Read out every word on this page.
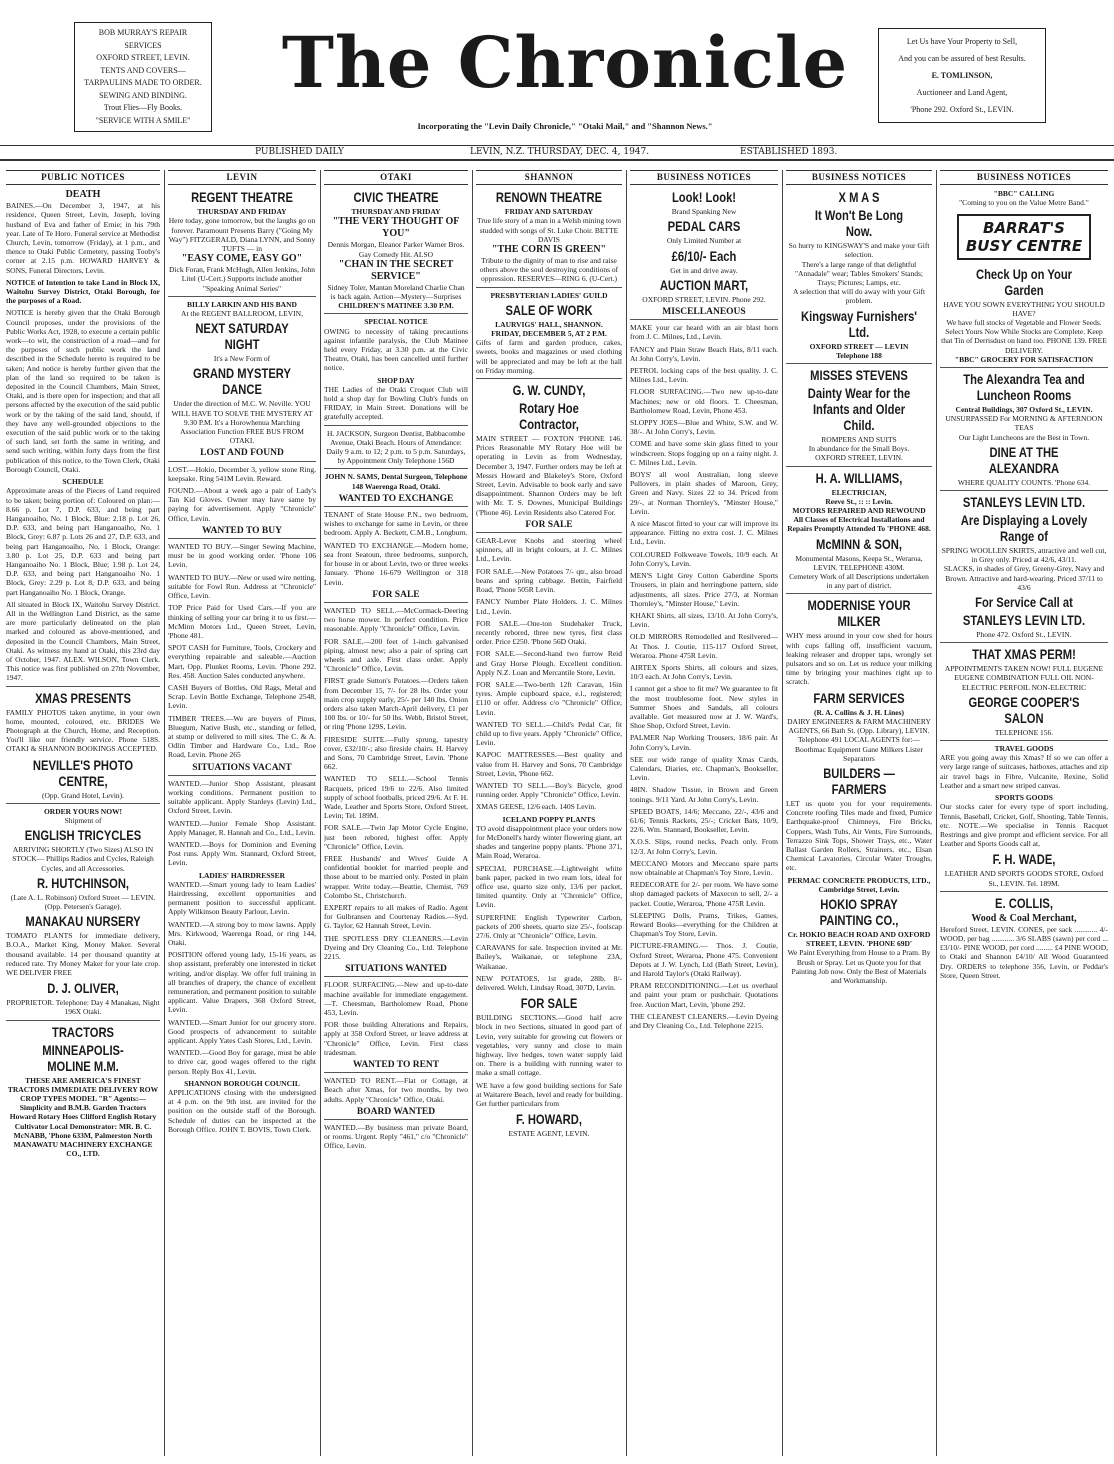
BOB MURRAY'S REPAIR
SERVICES
OXFORD STREET, LEVIN.
TENTS AND COVERS—
TARPAULINS MADE TO ORDER.
SEWING AND BINDING.
Trout Flies—Fly Books.
"SERVICE WITH A SMILE"
The Chronicle
Incorporating the "Levin Daily Chronicle," "Otaki Mail," and "Shannon News."
Let Us have Your Property to Sell,
And you can be assured of best Results.
E. TOMLINSON,
Auctioneer and Land Agent,
'Phone 292. Oxford St., LEVIN.
PUBLISHED DAILY	LEVIN, N.Z. THURSDAY, DEC. 4, 1947.	ESTABLISHED 1893.
PUBLIC NOTICES
DEATH
BAINES.—On December 3, 1947, at his residence, Queen Street, Levin, Joseph, loving husband of Eva and father of Ernie; in his 79th year. Late of Te Horo. Funeral service at Methodist Church, Levin, tomorrow (Friday), at 1 p.m., and thence to Otaki Public Cemetery, passing Tooby's corner at 2.15 p.m. HOWARD HARVEY & SONS, Funeral Directors, Levin.
NOTICE of Intention to take Land in Block IX, Waitohu Survey District, Otaki Borough, for the purposes of a Road.
NOTICE is hereby given that the Otaki Borough Council proposes, under the provisions of the Public Works Act, 1928, to execute a certain public work—to wit, the construction of a road—and for the purposes of such public work the land described in the Schedule hereto is required to be taken; And notice is hereby further given that the plan of the land so required to be taken is deposited in the Council Chambers, Main Street, Otaki, and is there open for inspection; and that all persons affected by the execution of the said public work or by the taking of the said land, should, if they have any well-grounded objections to the execution of the said public work or to the taking of such land, set forth the same in writing, and send such writing, within forty days from the first publication of this notice, to the Town Clerk, Otaki Borough Council, Otaki.
SCHEDULE
Approximate areas of the Pieces of Land required to be taken; being portion of: Coloured on plan:— 8.66 p. Lot 7, D.P. 633, and being part Hanganoaiho, No. 1 Block, Blue: 2.18 p. Lot 26, D.P. 633, and being part Hanganoaiho, No. 1 Block, Grey: 6.87 p. Lots 26 and 27, D.P. 633, and being part Hanganoaiho, No. 1 Block, Orange: 3.80 p. Lot 25, D.P. 633 and being part Hanganoaiho No. 1 Block, Blue; 1.98 p. Lot 24, D.P. 633, and being part Hanganoaiho No. 1 Block, Grey: 2.29 p. Lot 8, D.P. 633, and being part Hanganoaiho No. 1 Block, Orange.
All situated in Block IX, Waitohu Survey District. All in the Wellington Land District, as the same are more particularly delineated on the plan marked and coloured as above-mentioned, and deposited in the Council Chambers, Main Street, Otaki. As witness my hand at Otaki, this 23rd day of October, 1947. ALEX. WILSON, Town Clerk. This notice was first published on 27th November, 1947.
XMAS PRESENTS
FAMILY PHOTOS taken anytime, in your own home, mounted, coloured, etc. BRIDES We Photograph at the Church, Home, and Reception. You'll like our friendly service. Phone 518S. OTAKI & SHANNON BOOKINGS ACCEPTED.
NEVILLE'S PHOTO CENTRE,
(Opp. Grand Hotel, Levin).
ORDER YOURS NOW!
Shipment of
ENGLISH TRICYCLES
ARRIVING SHORTLY (Two Sizes) ALSO IN STOCK— Phillips Radios and Cycles, Raleigh Cycles, and all Accessories.
R. HUTCHINSON,
(Late A. L. Robinson) Oxford Street — LEVIN. (Opp. Petersen's Garage).
MANAKAU NURSERY
TOMATO PLANTS for immediate delivery, B.O.A., Market King, Money Maker. Several thousand available. 14 per thousand quantity at reduced rate. Try Money Maker for your late crop. WE DELIVER FREE
D. J. OLIVER,
PROPRIETOR. Telephone: Day 4 Manakau, Night 196X Otaki.
TRACTORS
MINNEAPOLIS-MOLINE M.M.
THESE ARE AMERICA'S FINEST TRACTORS IMMEDIATE DELIVERY ROW CROP TYPES MODEL "R" Agents:— Simplicity and B.M.B. Garden Tractors Howard Rotary Hoes Clifford English Rotary Cultivator Local Demonstrator: MR. B. C. McNABB, 'Phone 633M, Palmerston North MANAWATU MACHINERY EXCHANGE CO., LTD.
LEVIN
REGENT THEATRE
THURSDAY AND FRIDAY
Here today, gone tomorrow, but the laughs go on forever. Paramount Presents Barry ("Going My Way") FITZGERALD, Diana LYNN, and Sonny TUFTS — in
"EASY COME, EASY GO"
Dick Foran, Frank McHugh, Allen Jenkins, John Litel (U-Cert.) Supports include another "Speaking Animal Series"
BILLY LARKIN AND HIS BAND
At the REGENT BALLROOM, LEVIN,
NEXT SATURDAY NIGHT
It's a New Form of
GRAND MYSTERY DANCE
Under the direction of M.C. W. Neville. YOU WILL HAVE TO SOLVE THE MYSTERY AT 9.30 P.M. It's a Horowhenua Marching Association Function FREE BUS FROM OTAKI.
LOST AND FOUND
LOST.—Hokio, December 3, yellow stone Ring, keepsake. Ring 541M Levin. Reward.
FOUND.—About a week ago a pair of Lady's Tan Kid Gloves. Owner may have same by paying for advertisement. Apply "Chronicle" Office, Levin.
WANTED TO BUY
WANTED TO BUY.—Singer Sewing Machine, must be in good working order. 'Phone 106 Levin.
WANTED TO BUY.—New or used wire netting, suitable for Fowl Run. Address at "Chronicle" Office, Levin.
TOP Price Paid for Used Cars.—If you are thinking of selling your car bring it to us first.—McMinn Motors Ltd., Queen Street, Levin, 'Phone 481.
SPOT CASH for Furniture, Tools, Crockery and everything repairable and saleable.—Auction Mart, Opp. Plunket Rooms, Levin. 'Phone 292. Res. 458. Auction Sales conducted anywhere.
CASH Buyers of Bottles, Old Rags, Metal and Scrap. Levin Bottle Exchange, Telephone 2548, Levin.
TIMBER TREES.—We are buyers of Pinus, Bluegum, Native Bush, etc., standing or felled, at stump or delivered to mill sites. The C. & A. Odlin Timber and Hardware Co., Ltd., Roe Road, Levin. Phone 265
SITUATIONS VACANT
WANTED.—Junior Shop Assistant, pleasant working conditions. Permanent position to suitable applicant. Apply Stanleys (Levin) Ltd., Oxford Street, Levin.
WANTED.—Junior Female Shop Assistant. Apply Manager, R. Hannah and Co., Ltd., Levin.
WANTED.—Boys for Dominion and Evening Post runs. Apply Wm. Stannard, Oxford Street, Levin.
LADIES' HAIRDRESSER
WANTED.—Smart young lady to learn Ladies' Hairdressing, excellent opportunities and permanent position to successful applicant. Apply Wilkinson Beauty Parlour, Levin.
WANTED.—A strong boy to mow lawns. Apply Mrs. Kirkwood, Waerenga Road, or ring 144, Otaki.
POSITION offered young lady, 15-16 years, as shop assistant, preferably one interested in ticket writing, and/or display. We offer full training in all branches of drapery, the chance of excellent remuneration, and permanent position to suitable applicant. Value Drapers, 368 Oxford Street, Levin.
WANTED.—Smart Junior for our grocery store. Good prospects of advancement to suitable applicant. Apply Yates Cash Stores, Ltd., Levin.
WANTED.—Good Boy for garage, must be able to drive car, good wages offered to the right person. Reply Box 41, Levin.
SHANNON BOROUGH COUNCIL
APPLICATIONS closing with the undersigned at 4 p.m. on the 9th inst. are invited for the position on the outside staff of the Borough. Schedule of duties can be inspected at the Borough Office. JOHN T. BOVIS, Town Clerk.
OTAKI
CIVIC THEATRE
THURSDAY AND FRIDAY
"THE VERY THOUGHT OF YOU"
Dennis Morgan, Eleanor Parker Warner Bros. Gay Comedy Hit. ALSO
"CHAN IN THE SECRET SERVICE"
Sidney Toler, Mantan Moreland Charlie Chan is back again. Action—Mystery—Surprises
CHILDREN'S MATINEE 3.30 P.M.
SPECIAL NOTICE
OWING to necessity of taking precautions against infantile paralysis, the Club Matinee held every Friday, at 3.30 p.m. at the Civic Theatre, Otaki, has been cancelled until further notice.
SHOP DAY
THE Ladies of the Otaki Croquet Club will hold a shop day for Bowling Club's funds on FRIDAY, in Main Street. Donations will be gratefully accepted.
H. JACKSON, Surgeon Dentist, Babbacombe Avenue, Otaki Beach. Hours of Attendance: Daily 9 a.m. to 12; 2 p.m. to 5 p.m. Saturdays, by Appointment Only Telephone 156D
JOHN N. SAMS, Dental Surgeon, Telephone 148 Waerenga Road, Otaki.
WANTED TO EXCHANGE
TENANT of State House P.N., two bedroom, wishes to exchange for same in Levin, or three bedroom. Apply A. Beckett, C.M.B., Longburn.
WANTED TO EXCHANGE.—Modern home, sea front Seatoun, three bedrooms, sunporch, for house in or about Levin, two or three weeks January. 'Phone 16-679 Wellington or 318 Levin.
FOR SALE
WANTED TO SELL.—McCormack-Deering two horse mower. In perfect condition. Price reasonable. Apply "Chronicle" Office, Levin.
FOR SALE.—200 feet of 1-inch galvanised piping, almost new; also a pair of spring cart wheels and axle. First class order. Apply "Chronicle" Office, Levin.
FIRST grade Sutton's Potatoes.—Orders taken from December 15, 7/- for 28 lbs. Order your main crop supply early, 25/- per 140 lbs. Onion orders also taken March-April delivery, £1 per 100 lbs. or 10/- for 50 lbs. Webb, Bristol Street, or ring 'Phone 129S, Levin.
FIRESIDE SUITE.—Fully sprung, tapestry cover, £32/10/-; also fireside chairs. H. Harvey and Sons, 70 Cambridge Street, Levin. 'Phone 662.
WANTED TO SELL.—School Tennis Racquets, priced 19/6 to 22/6. Also limited supply of school footballs, priced 29/6. At F. H. Wade, Leather and Sports Store, Oxford Street, Levin; Tel. 189M.
FOR SALE.—Twin Jap Motor Cycle Engine, just been rebored, highest offer. Apply "Chronicle" Office, Levin.
FREE Husbands' and Wives' Guide A confidential booklet for married people and those about to be married only. Posted in plain wrapper. Write today.—Beattie, Chemist, 769 Colombo St., Christchurch.
EXPERT repairs to all makes of Radio. Agent for Gulbransen and Courtenay Radios.—Syd. G. Taylor, 62 Hannah Street, Levin.
THE SPOTLESS DRY CLEANERS.—Levin Dyeing and Dry Cleaning Co., Ltd. Telephone 2215.
SITUATIONS WANTED
FLOOR SURFACING.—New and up-to-date machine available for immediate engagement.—T. Cheesman, Bartholomew Road, Phone 453, Levin.
FOR those building Alterations and Repairs, apply at 358 Oxford Street, or leave address at "Chronicle" Office, Levin. First class tradesman.
WANTED TO RENT
WANTED TO RENT.—Flat or Cottage, at Beach after Xmas, for two months, by two adults. Apply "Chronicle" Office, Otaki.
BOARD WANTED
WANTED.—By business man private Board, or rooms. Urgent. Reply "461," c/o "Chronicle" Office, Levin.
SHANNON
RENOWN THEATRE
FRIDAY AND SATURDAY
True life story of a man in a Welsh mining town studded with songs of St. Luke Choir. BETTE DAVIS
"THE CORN IS GREEN"
Tribute to the dignity of man to rise and raise others above the soul destroying conditions of oppression. RESERVES—RING 6. (U-Cert.)
PRESBYTERIAN LADIES' GUILD
SALE OF WORK
LAURVIGS' HALL, SHANNON.
FRIDAY, DECEMBER 5, AT 2 P.M.
Gifts of farm and garden produce, cakes, sweets, books and magazines or used clothing will be appreciated and may be left at the hall on Friday morning.
G. W. CUNDY,
Rotary Hoe Contractor,
MAIN STREET — FOXTON 'PHONE 146. Prices Reasonable MY Rotary Hoe will be operating in Levin as from Wednesday, December 3, 1947. Further orders may be left at Messrs Howard and Blakeley's Store, Oxford Street, Levin. Advisable to book early and save disappointment. Shannon Orders may be left with Mr. T. S. Downes, Municipal Buildings ('Phone 46). Levin Residents also Catered For.
FOR SALE
GEAR-Lever Knobs and steering wheel spinners, all in bright colours, at J. C. Milnes Ltd., Levin.
FOR SALE.—New Potatoes 7/- qtr., also broad beans and spring cabbage. Bettin, Fairfield Road, 'Phone 505R Levin.
FANCY Number Plate Holders. J. C. Milnes Ltd., Levin.
FOR SALE.—One-ton Studebaker Truck, recently rebored, three new tyres, first class order. Price £250. 'Phone 56D Otaki.
FOR SALE.—Second-hand two furrow Reid and Gray Horse Plough. Excellent condition. Apply N.Z. Loan and Mercantile Store, Levin.
FOR SALE.—Two-berth 12ft Caravan, 16in tyres. Ample cupboard space, e.l., registered; £110 or offer. Address c/o "Chronicle" Office, Levin.
WANTED TO SELL.—Child's Pedal Car, fit child up to five years. Apply "Chronicle" Office, Levin.
KAPOC MATTRESSES.—Best quality and value from H. Harvey and Sons, 70 Cambridge Street, Levin, 'Phone 662.
WANTED TO SELL.—Boy's Bicycle, good running order. Apply "Chronicle" Office, Levin.
XMAS GEESE, 12/6 each. 140S Levin.
ICELAND POPPY PLANTS
TO avoid disappointment place your orders now for McDonell's hardy winter flowering giant, art shades and tangerine poppy plants. 'Phone 371, Main Road, Weraroa.
SPECIAL PURCHASE.—Lightweight white bank paper, packed in two ream lots, ideal for office use, quarto size only, 13/6 per packet, limited quantity. Only at "Chronicle" Office, Levin.
SUPERFINE English Typewriter Carbon, packets of 200 sheets, quarto size 25/-, foolscap 27/6. Only at "Chronicle" Office, Levin.
CARAVANS for sale. Inspection invited at Mr. Bailey's, Waikanae, or telephone 23A, Waikanae.
NEW POTATOES, 1st grade, 28lb. 8/- delivered. Welch, Lindsay Road, 307D, Levin.
FOR SALE
BUILDING SECTIONS.—Good half acre block in two Sections, situated in good part of Levin, very suitable for growing cut flowers or vegetables, very sunny and close to main highway, live hedges, town water supply laid on. There is a building with running water to make a small cottage.
WE have a few good building sections for Sale at Waitarere Beach, level and ready for building. Get further particulars from
F. HOWARD,
ESTATE AGENT, LEVIN.
BUSINESS NOTICES
Look! Look!
Brand Spanking New
PEDAL CARS
Only Limited Number at
£6/10/- Each
Get in and drive away.
AUCTION MART,
OXFORD STREET, LEVIN. Phone 292.
MISCELLANEOUS
MAKE your car heard with an air blast horn from J. C. Milnes, Ltd., Levin.
FANCY and Plain Straw Beach Hats, 8/11 each. At John Corry's, Levin.
PETROL locking caps of the best quality. J. C. Milnes Ltd., Levin.
FLOOR SURFACING.—Two new up-to-date Machines; new or old floors. T. Cheesman, Bartholomew Road, Levin, Phone 453.
SLOPPY JOES—Blue and White, S.W. and W. 38/-. At John Corry's, Levin.
COME and have some skin glass fitted to your windscreen. Stops fogging up on a rainy night. J. C. Milnes Ltd., Levin.
BOYS' all wool Australian, long sleeve Pullovers, in plain shades of Maroon, Grey, Green and Navy. Sizes 22 to 34. Priced from 29/-, at Norman Thornley's, "Minster House," Levin.
A nice Mascot fitted to your car will improve its appearance. Fitting no extra cost. J. C. Milnes Ltd., Levin.
COLOURED Folkweave Towels, 10/9 each. At John Corry's, Levin.
MEN'S Light Grey Cotton Gaberdine Sports Trousers, in plain and herringbone pattern, side adjustments, all sizes. Price 27/3, at Norman Thornley's, "Minster House," Levin.
KHAKI Shirts, all sizes, 13/10. At John Corry's, Levin.
OLD MIRRORS Remodelled and Resilvered—At Thos. J. Coutie, 115-117 Oxford Street, Weraroa. Phone 475R Levin.
AIRTEX Sports Shirts, all colours and sizes, 10/3 each. At John Corry's, Levin.
I cannot get a shoe to fit me? We guarantee to fit the most troublesome foot. New styles in Summer Shoes and Sandals, all colours available. Get measured now at J. W. Ward's, Shoe Shop, Oxford Street, Levin.
PALMER Nap Working Trousers, 18/6 pair. At John Corry's, Levin.
SEE our wide range of quality Xmas Cards, Calendars, Diaries, etc. Chapman's, Bookseller, Levin.
48IN. Shadow Tissue, in Brown and Green tonings. 9/11 Yard. At John Corry's, Levin.
SPEED BOATS, 14/6; Meccano, 22/-, 43/6 and 61/6; Tennis Rackets, 25/-; Cricket Bats, 10/9, 22/6. Wm. Stannard, Bookseller, Levin.
X.O.S. Slips, round necks, Peach only. From 12/3. At John Corry's, Levin.
MECCANO Motors and Meccano spare parts now obtainable at Chapman's Toy Store, Levin.
REDECORATE for 2/- per room. We have some shop damaged packets of Maxecon to sell, 2/- a packet. Coutie, Weraroa, 'Phone 475R Levin.
SLEEPING Dolls, Prams, Trikes, Games, Reward Books—everything for the Children at Chapman's Toy Store, Levin.
PICTURE-FRAMING.— Thos. J. Coutie, Oxford Street, Weraroa, Phone 475. Convenient Depots at J. W. Lynch, Ltd (Bath Street, Levin), and Harold Taylor's (Otaki Railway).
PRAM RECONDITIONING.—Let us overhaul and paint your pram or pushchair. Quotations free. Auction Mart, Levin, 'phone 292.
THE CLEANEST CLEANERS.—Levin Dyeing and Dry Cleaning Co., Ltd. Telephone 2215.
BUSINESS NOTICES
X M A S
It Won't Be Long Now.
So hurry to KINGSWAY'S and make your Gift selection.
There's a large range of that delightful "Annadale" wear; Tables Smokers' Stands; Trays; Pictures; Lamps, etc.
A selection that will do away with your Gift problem.
Kingsway Furnishers' Ltd.
OXFORD STREET — LEVIN
Telephone 188
MISSES STEVENS
Dainty Wear for the Infants and Older Child.
ROMPERS AND SUITS
In abundance for the Small Boys.
OXFORD STREET, LEVIN.
H. A. WILLIAMS,
ELECTRICIAN,
Reeve St., :: :: Levin.
MOTORS REPAIRED AND REWOUND
All Classes of Electrical Installations and Repairs Promptly Attended To 'PHONE 468.
McMINN & SON,
Monumental Masons, Keepa St., Weraroa, LEVIN. TELEPHONE 430M.
Cemetery Work of all Descriptions undertaken in any part of district.
MODERNISE YOUR MILKER
WHY mess around in your cow shed for hours with cups falling off, insufficient vacuum, leaking releaser and dropper taps, wrongly set pulsators and so on. Let us reduce your milking time by bringing your machines right up to scratch.
FARM SERVICES
(R. A. Collins & J. H. Lines)
DAIRY ENGINEERS & FARM MACHINERY AGENTS, 66 Bath St. (Opp. Library), LEVIN. Telephone 491 LOCAL AGENTS for:— Boothmac Equipment Gane Milkers Lister Separators
BUILDERS — FARMERS
LET us quote you for your requirements. Concrete roofing Tiles made and fixed, Pumice Earthquake-proof Chimneys, Fire Bricks, Coppers, Wash Tubs, Air Vents, Fire Surrounds, Terrazzo Sink Tops, Shower Trays, etc., Water Ballast Garden Rollers, Strainers, etc., Elsan Chemical Lavatories, Circular Water Troughs, etc.
PERMAC CONCRETE PRODUCTS, LTD., Cambridge Street, Levin.
HOKIO SPRAY PAINTING CO.,
Cr. HOKIO BEACH ROAD AND OXFORD STREET, LEVIN. 'PHONE 69D'
We Paint Everything from House to a Pram. By Brush or Spray. Let us Quote you for that Painting Job now. Only the Best of Materials and Workmanship.
BUSINESS NOTICES
"BBC" CALLING
"Coming to you on the Value Metre Band."
BARRAT'S BUSY CENTRE
Check Up on Your Garden
HAVE YOU SOWN EVERYTHING YOU SHOULD HAVE?
We have full stocks of Vegetable and Flower Seeds. Select Yours Now While Stocks are Complete. Keep that Tin of Derrisdust on hand too. PHONE 139. FREE DELIVERY.
"BBC" GROCERY FOR SATISFACTION
The Alexandra Tea and Luncheon Rooms
Central Buildings, 307 Oxford St., LEVIN.
UNSURPASSED For MORNING & AFTERNOON TEAS
Our Light Luncheons are the Best in Town.
DINE AT THE ALEXANDRA
WHERE QUALITY COUNTS. 'Phone 634.
STANLEYS LEVIN LTD.
Are Displaying a Lovely Range of
SPRING WOOLLEN SKIRTS, attractive and well cut, in Grey only. Priced at 42/6, 43/11.
SLACKS, in shades of Grey, Greeny-Grey, Navy and Brown. Attractive and hard-wearing. Priced 37/11 to 43/6
For Service Call at
STANLEYS LEVIN LTD.
Phone 472. Oxford St., LEVIN.
THAT XMAS PERM!
APPOINTMENTS TAKEN NOW! FULL EUGENE EUGENE COMBINATION FULL OIL NON-ELECTRIC PERFOIL NON-ELECTRIC
GEORGE COOPER'S SALON
TELEPHONE 156.
TRAVEL GOODS
ARE you going away this Xmas? If so we can offer a very large range of suitcases, hatboxes, attaches and zip air travel bags in Fibre, Vulcanite, Rexine, Solid Leather and a smart new striped canvas.
SPORTS GOODS
Our stocks cater for every type of sport including, Tennis, Baseball, Cricket, Golf, Shooting, Table Tennis, etc. NOTE.—We specialise in Tennis Racquet Restrings and give prompt and efficient service. For all Leather and Sports Goods call at,
F. H. WADE,
LEATHER AND SPORTS GOODS STORE, Oxford St., LEVIN. Tel. 189M.
E. COLLIS,
Wood & Coal Merchant,
Hereford Street, LEVIN. CONES, per sack ............ 4/- WOOD, per bag ............ 3/6 SLABS (sawn) per cord ... £3/10/- PINE WOOD, per cord ......... £4 PINE WOOD, to Otaki and Shannon £4/10/ All Wood Guaranteed Dry. ORDERS to telephone 356, Levin, or Peddar's Store, Queen Street.
